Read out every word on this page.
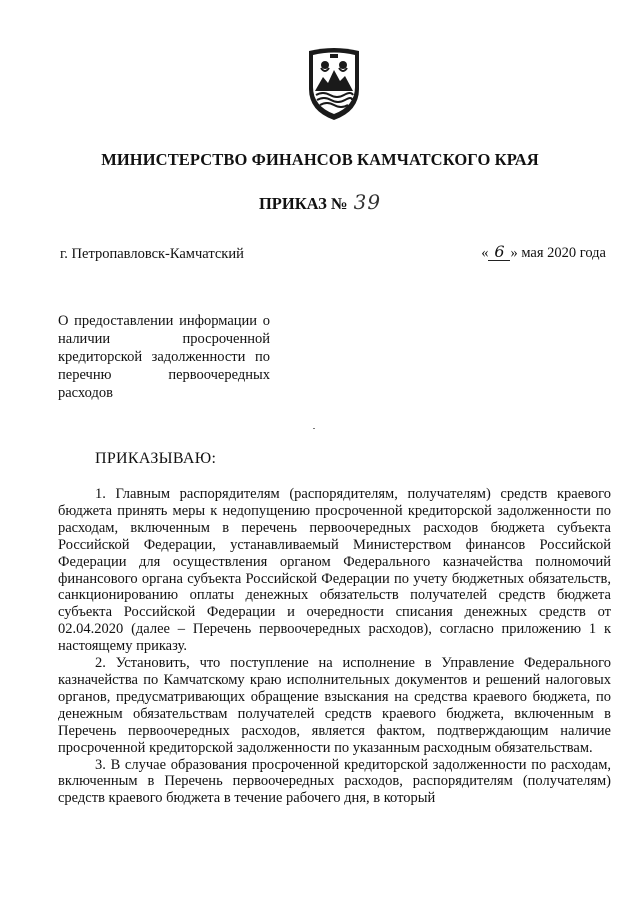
МИНИСТЕРСТВО ФИНАНСОВ КАМЧАТСКОГО КРАЯ
ПРИКАЗ № 39
г. Петропавловск-Камчатский	« 6 » мая 2020 года
О предоставлении информации о наличии просроченной кредиторской задолженности по перечню первоочередных расходов
ПРИКАЗЫВАЮ:

1. Главным распорядителям (распорядителям, получателям) средств краевого бюджета принять меры к недопущению просроченной кредиторской задолженности по расходам, включенным в перечень первоочередных расходов бюджета субъекта Российской Федерации, устанавливаемый Министерством финансов Российской Федерации для осуществления органом Федерального казначейства полномочий финансового органа субъекта Российской Федерации по учету бюджетных обязательств, санкционированию оплаты денежных обязательств получателей средств бюджета субъекта Российской Федерации и очередности списания денежных средств от 02.04.2020 (далее – Перечень первоочередных расходов), согласно приложению 1 к настоящему приказу.

2. Установить, что поступление на исполнение в Управление Федерального казначейства по Камчатскому краю исполнительных документов и решений налоговых органов, предусматривающих обращение взыскания на средства краевого бюджета, по денежным обязательствам получателей средств краевого бюджета, включенным в Перечень первоочередных расходов, является фактом, подтверждающим наличие просроченной кредиторской задолженности по указанным расходным обязательствам.

3. В случае образования просроченной кредиторской задолженности по расходам, включенным в Перечень первоочередных расходов, распорядителям (получателям) средств краевого бюджета в течение рабочего дня, в который
